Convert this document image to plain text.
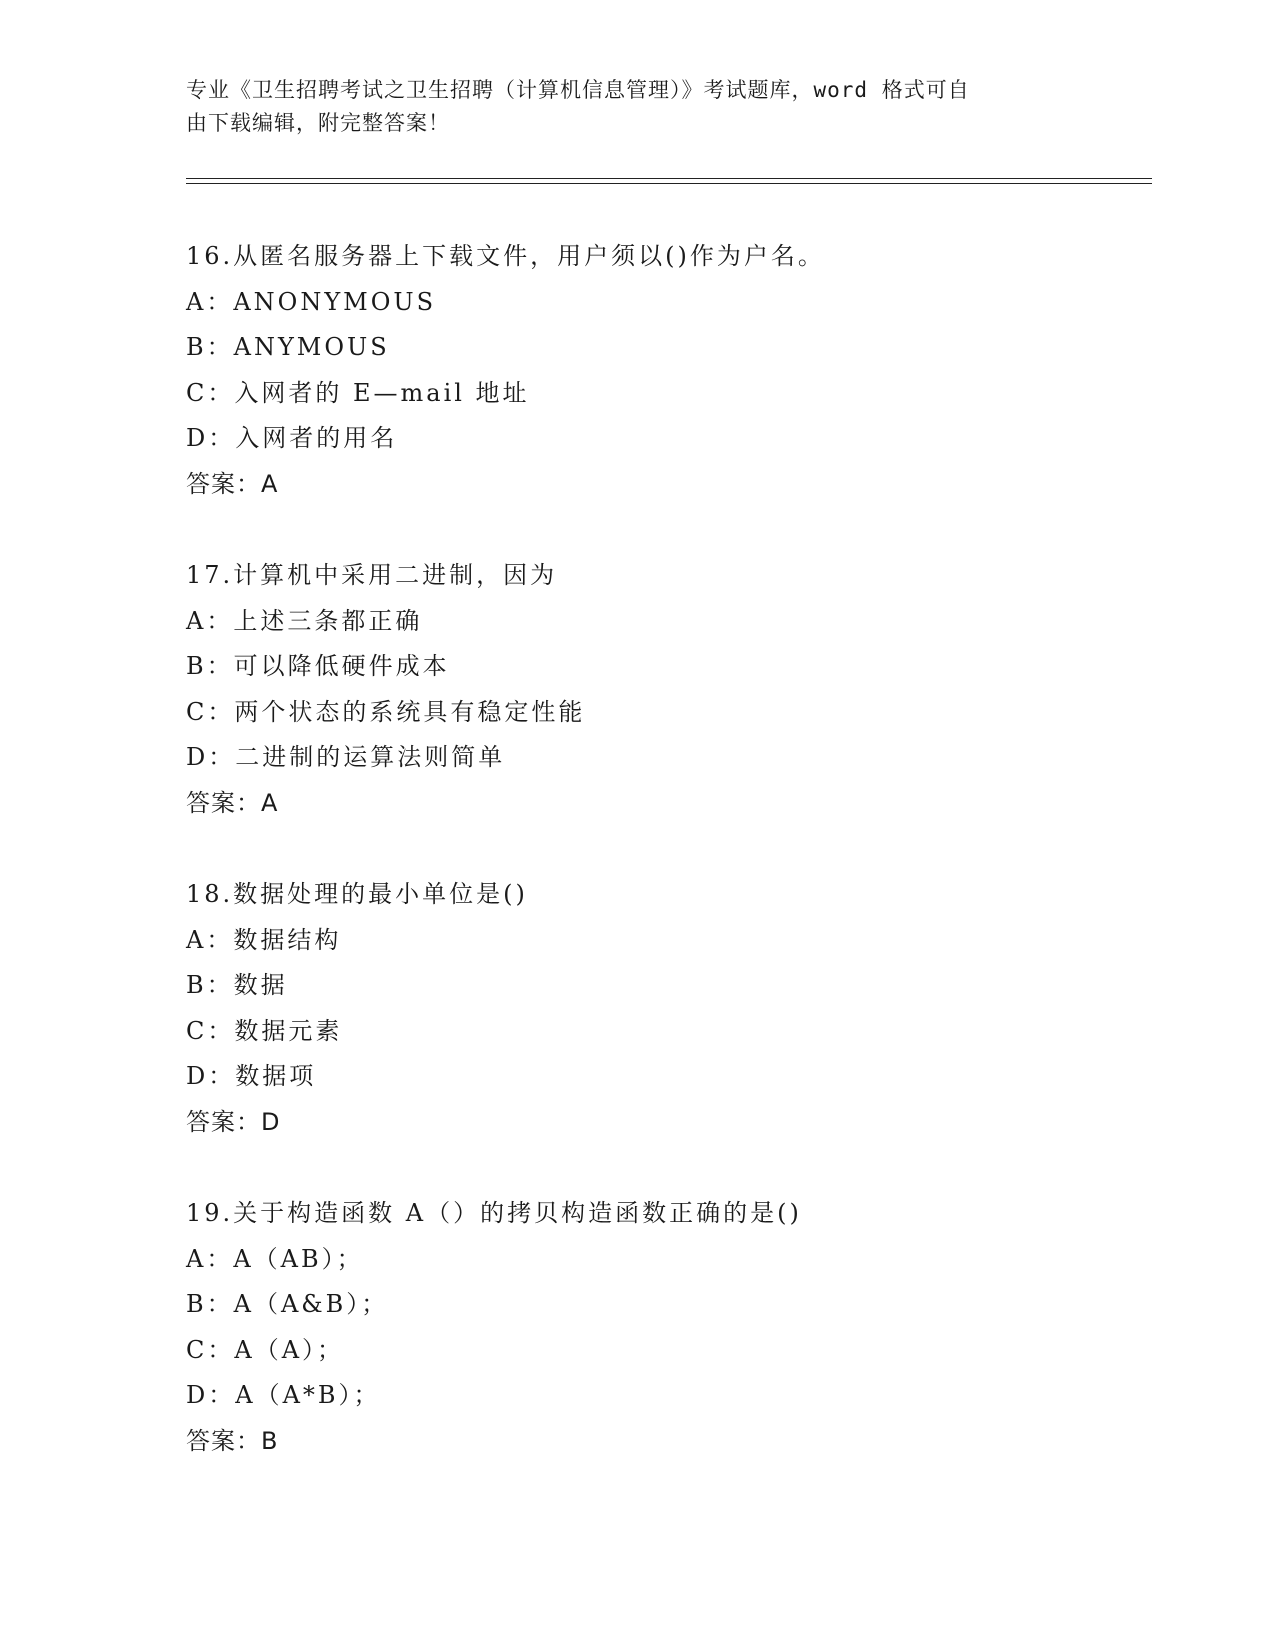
专业《卫生招聘考试之卫生招聘（计算机信息管理）》考试题库，word 格式可自
由下载编辑，附完整答案！
16.从匿名服务器上下载文件，用户须以()作为户名。
A：ANONYMOUS
B：ANYMOUS
C：入网者的 E—mail 地址
D：入网者的用名
答案：A
17.计算机中采用二进制，因为
A：上述三条都正确
B：可以降低硬件成本
C：两个状态的系统具有稳定性能
D：二进制的运算法则简单
答案：A
18.数据处理的最小单位是()
A：数据结构
B：数据
C：数据元素
D：数据项
答案：D
19.关于构造函数 A（）的拷贝构造函数正确的是()
A：A（AB）；
B：A（A&B）；
C：A（A）；
D：A（A*B）；
答案：B
